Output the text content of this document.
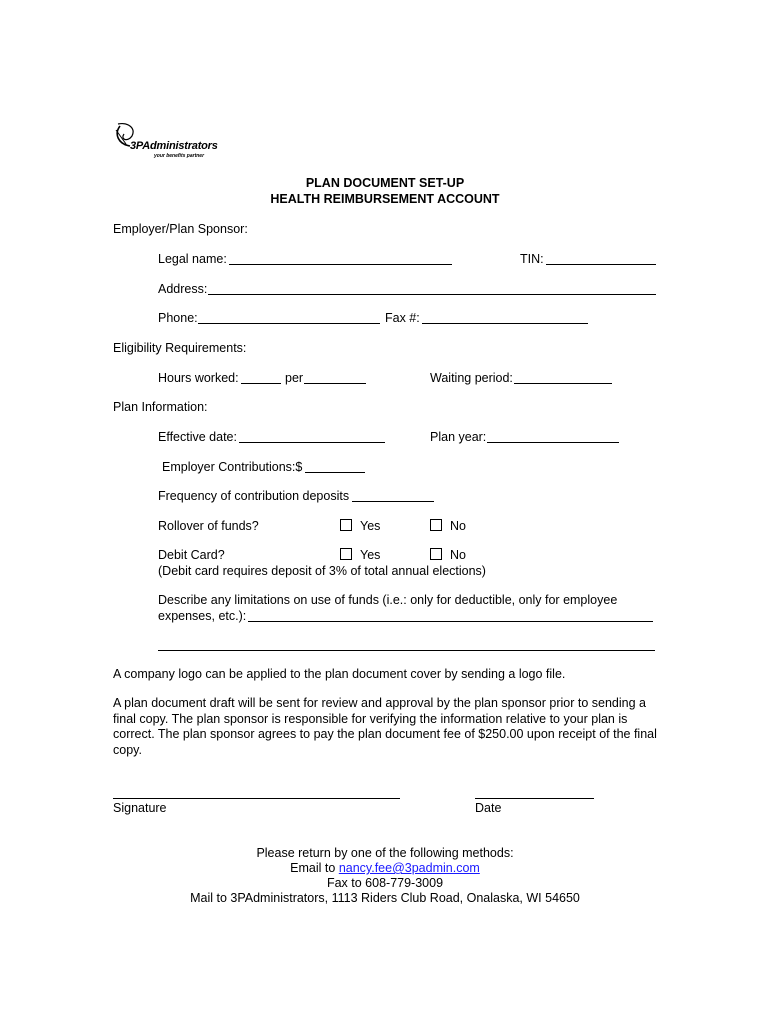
3PAdministrators
your benefits partner
PLAN DOCUMENT SET-UP
HEALTH REIMBURSEMENT ACCOUNT
Employer/Plan Sponsor:
Legal name:	TIN:
Address:
Phone:	Fax #:
Eligibility Requirements:
Hours worked:	per	Waiting period:
Plan Information:
Effective date:	Plan year:
Employer Contributions:$
Frequency of contribution deposits
Rollover of funds?	Yes	No
Debit Card?	Yes	No
(Debit card requires deposit of 3% of total annual elections)
Describe any limitations on use of funds (i.e.: only for deductible, only for employee
expenses, etc.):
A company logo can be applied to the plan document cover by sending a logo file.
A plan document draft will be sent for review and approval by the plan sponsor prior to sending a final copy. The plan sponsor is responsible for verifying the information relative to your plan is correct. The plan sponsor agrees to pay the plan document fee of $250.00 upon receipt of the final copy.
Signature	Date
Please return by one of the following methods:
Email to nancy.fee@3padmin.com
Fax to 608-779-3009
Mail to 3PAdministrators, 1113 Riders Club Road, Onalaska, WI 54650
